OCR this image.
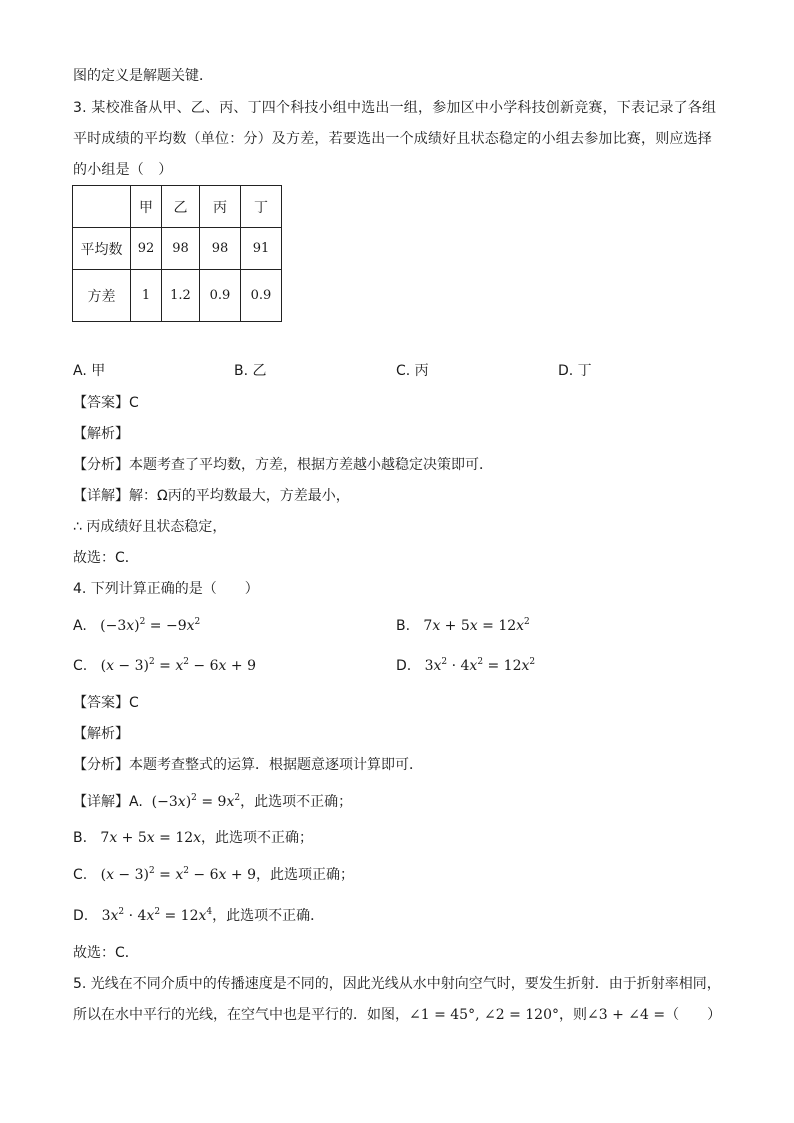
图的定义是解题关键．
3. 某校准备从甲、乙、丙、丁四个科技小组中选出一组，参加区中小学科技创新竞赛，下表记录了各组平时成绩的平均数（单位：分）及方差，若要选出一个成绩好且状态稳定的小组去参加比赛，则应选择的小组是（　）
	甲	乙	丙	丁
平均数	92	98	98	91
方差	1	1.2	0.9	0.9
A. 甲	B. 乙	C. 丙	D. 丁
【答案】C
【解析】
【分析】本题考查了平均数，方差，根据方差越小越稳定决策即可．
【详解】解：Ω丙的平均数最大，方差最小，
∴ 丙成绩好且状态稳定，
故选：C．
4. 下列计算正确的是（　　）
A.   $(-3x)^2 = -9x^2$	B.   $7x + 5x = 12x^2$
C.   $(x - 3)^2 = x^2 - 6x + 9$	D.   $3x^2 \cdot 4x^2 = 12x^2$
【答案】C
【解析】
【分析】本题考查整式的运算．根据题意逐项计算即可．
【详解】A.  $(-3x)^2 = 9x^2$，此选项不正确；
B.   7x + 5x = 12x，此选项不正确；
C.   $(x - 3)^2 = x^2 - 6x + 9$，此选项正确；
D.   $3x^2 \cdot 4x^2 = 12x^4$，此选项不正确．
故选：C．
5. 光线在不同介质中的传播速度是不同的，因此光线从水中射向空气时，要发生折射．由于折射率相同，
所以在水中平行的光线，在空气中也是平行的．如图，∠1 = 45°, ∠2 = 120°，则∠3 + ∠4 =（　　）
